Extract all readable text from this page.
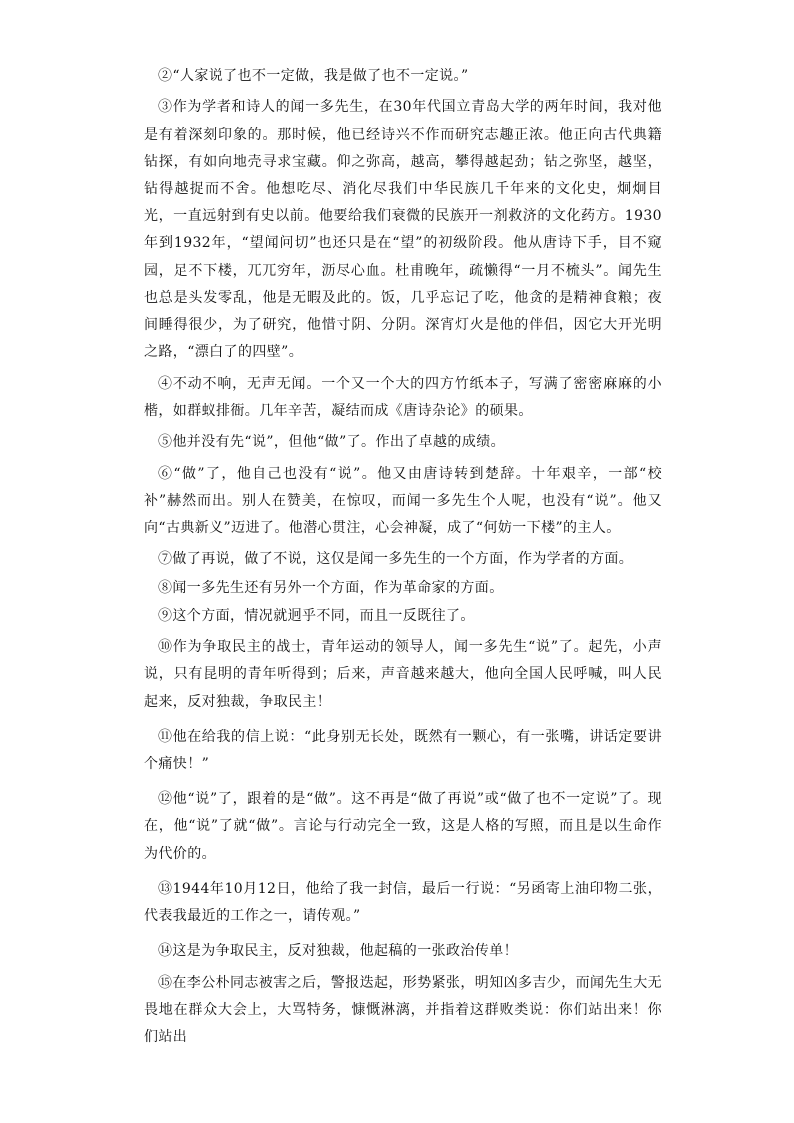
②“人家说了也不一定做，我是做了也不一定说。”

③作为学者和诗人的闻一多先生，在30年代国立青岛大学的两年时间，我对他是有着深刻印象的。那时候，他已经诗兴不作而研究志趣正浓。他正向古代典籍钻探，有如向地壳寻求宝藏。仰之弥高，越高，攀得越起劲；钻之弥坚，越坚，钻得越捉而不舍。他想吃尽、消化尽我们中华民族几千年来的文化史，炯炯目光，一直远射到有史以前。他要给我们衰微的民族开一剂救济的文化药方。1930年到1932年，“望闻问切”也还只是在“望”的初级阶段。他从唐诗下手，目不窥园，足不下楼，兀兀穷年，沥尽心血。杜甫晚年，疏懒得“一月不梳头”。闻先生也总是头发零乱，他是无暇及此的。饭，几乎忘记了吃，他贪的是精神食粮；夜间睡得很少，为了研究，他惜寸阴、分阴。深宵灯火是他的伴侣，因它大开光明之路，“漂白了的四壁”。

④不动不响，无声无闻。一个又一个大的四方竹纸本子，写满了密密麻麻的小楷，如群蚁排衙。几年辛苦，凝结而成《唐诗杂论》的硕果。

⑤他并没有先“说”，但他“做”了。作出了卓越的成绩。

⑥“做”了，他自己也没有“说”。他又由唐诗转到楚辞。十年艰辛，一部“校补”赫然而出。别人在赞美，在惊叹，而闻一多先生个人呢，也没有“说”。他又向“古典新义”迈进了。他潜心贯注，心会神凝，成了“何妨一下楼”的主人。

⑦做了再说，做了不说，这仅是闻一多先生的一个方面，作为学者的方面。

⑧闻一多先生还有另外一个方面，作为革命家的方面。

⑨这个方面，情况就迥乎不同，而且一反既往了。

⑩作为争取民主的战士，青年运动的领导人，闻一多先生“说”了。起先，小声说，只有昆明的青年听得到；后来，声音越来越大，他向全国人民呼喊，叫人民起来，反对独裁，争取民主！

⑪他在给我的信上说：“此身别无长处，既然有一颗心，有一张嘴，讲话定要讲个痛快！”

⑫他“说”了，跟着的是“做”。这不再是“做了再说”或“做了也不一定说”了。现在，他“说”了就“做”。言论与行动完全一致，这是人格的写照，而且是以生命作为代价的。

⑬1944年10月12日，他给了我一封信，最后一行说：“另函寄上油印物二张，代表我最近的工作之一，请传观。”

⑭这是为争取民主，反对独裁，他起稿的一张政治传单！

⑮在李公朴同志被害之后，警报迭起，形势紧张，明知凶多吉少，而闻先生大无畏地在群众大会上，大骂特务，慷慨淋漓，并指着这群败类说：你们站出来！你们站出
